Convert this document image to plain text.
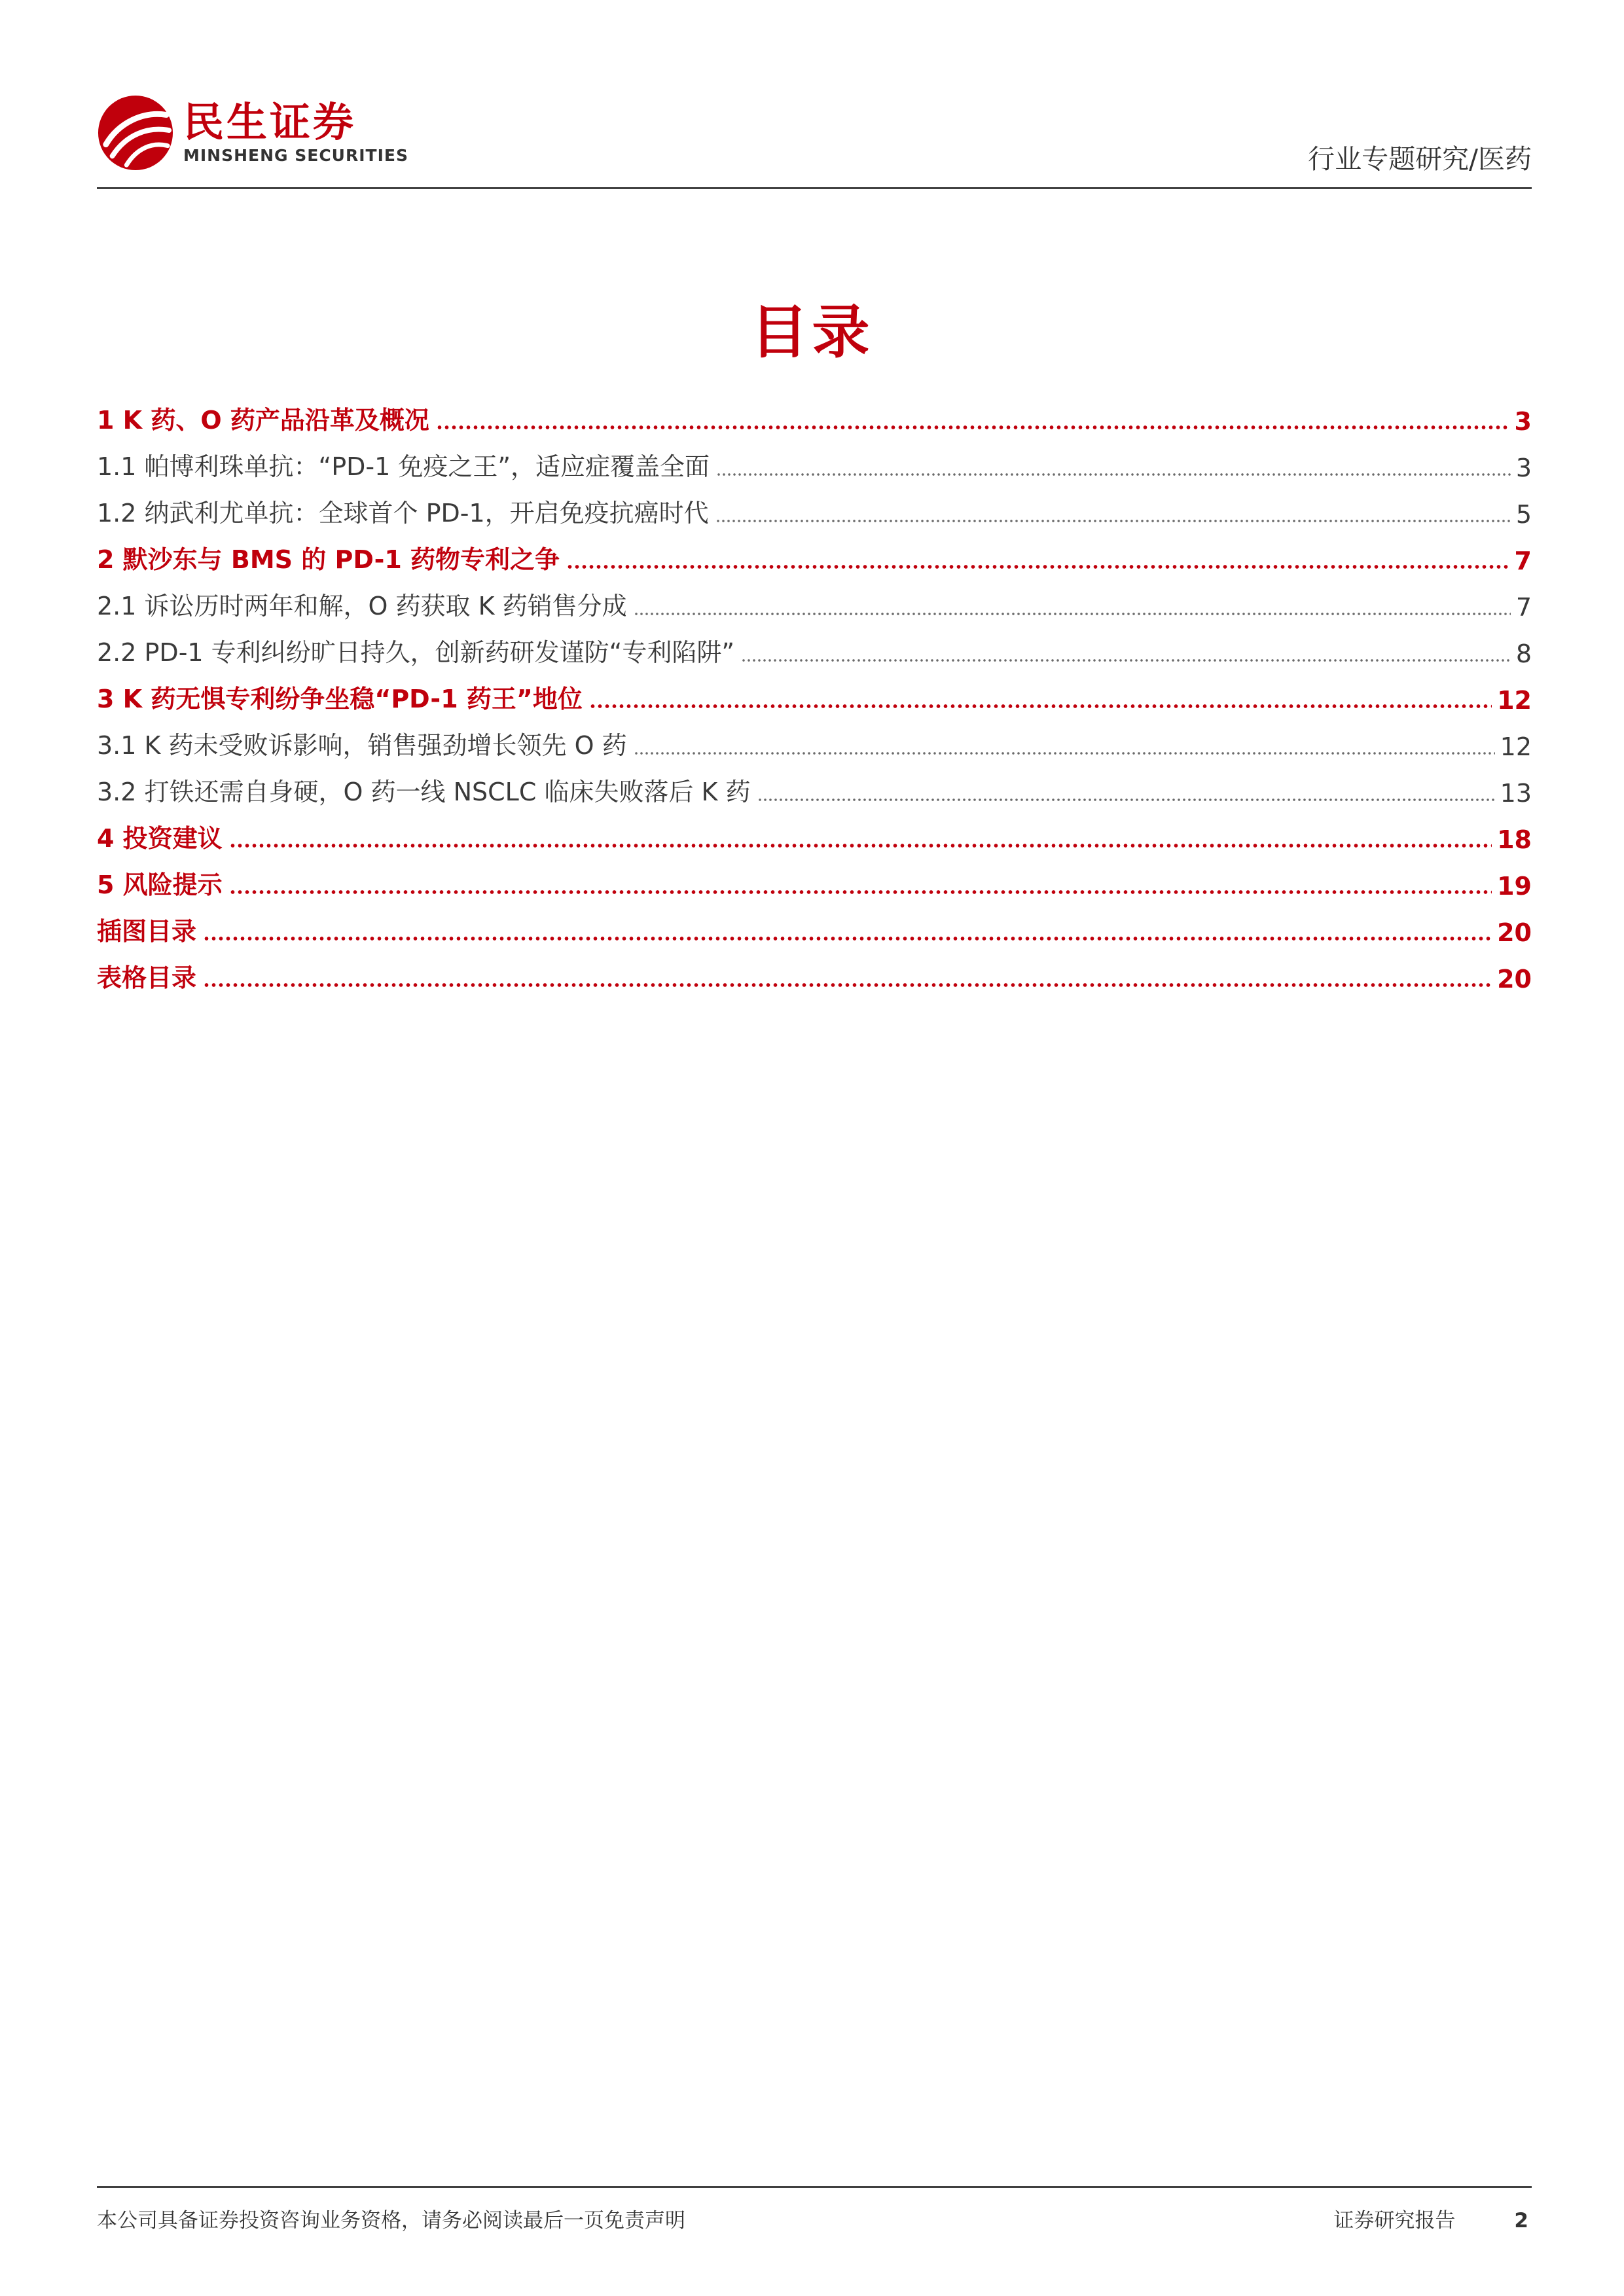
民生证券
MINSHENG SECURITIES	行业专题研究/医药
目录
1 K 药、O 药产品沿革及概况	3
1.1 帕博利珠单抗：“PD-1 免疫之王”，适应症覆盖全面	3
1.2 纳武利尤单抗：全球首个 PD-1，开启免疫抗癌时代	5
2 默沙东与 BMS 的 PD-1 药物专利之争	7
2.1 诉讼历时两年和解，O 药获取 K 药销售分成	7
2.2 PD-1 专利纠纷旷日持久，创新药研发谨防“专利陷阱”	8
3 K 药无惧专利纷争坐稳“PD-1 药王”地位	12
3.1 K 药未受败诉影响，销售强劲增长领先 O 药	12
3.2 打铁还需自身硬，O 药一线 NSCLC 临床失败落后 K 药	13
4 投资建议	18
5 风险提示	19
插图目录	20
表格目录	20
本公司具备证券投资咨询业务资格，请务必阅读最后一页免责声明	证券研究报告	2
